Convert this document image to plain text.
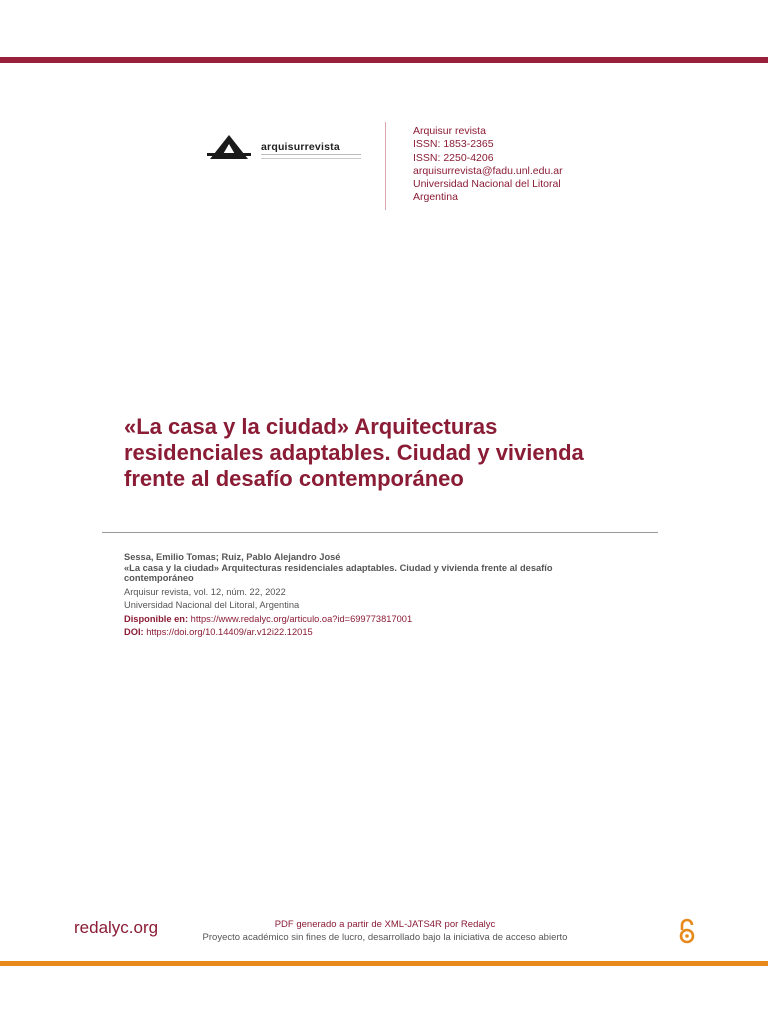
arquisurrevista
Arquisur revista
ISSN: 1853-2365
ISSN: 2250-4206
arquisurrevista@fadu.unl.edu.ar
Universidad Nacional del Litoral
Argentina
«La casa y la ciudad» Arquitecturas residenciales adaptables. Ciudad y vivienda frente al desafío contemporáneo
Sessa, Emilio Tomas; Ruiz, Pablo Alejandro José
«La casa y la ciudad» Arquitecturas residenciales adaptables. Ciudad y vivienda frente al desafío contemporáneo
Arquisur revista, vol. 12, núm. 22, 2022
Universidad Nacional del Litoral, Argentina
Disponible en: https://www.redalyc.org/articulo.oa?id=699773817001
DOI: https://doi.org/10.14409/ar.v12i22.12015
redalyc.org	PDF generado a partir de XML-JATS4R por Redalyc
Proyecto académico sin fines de lucro, desarrollado bajo la iniciativa de acceso abierto
